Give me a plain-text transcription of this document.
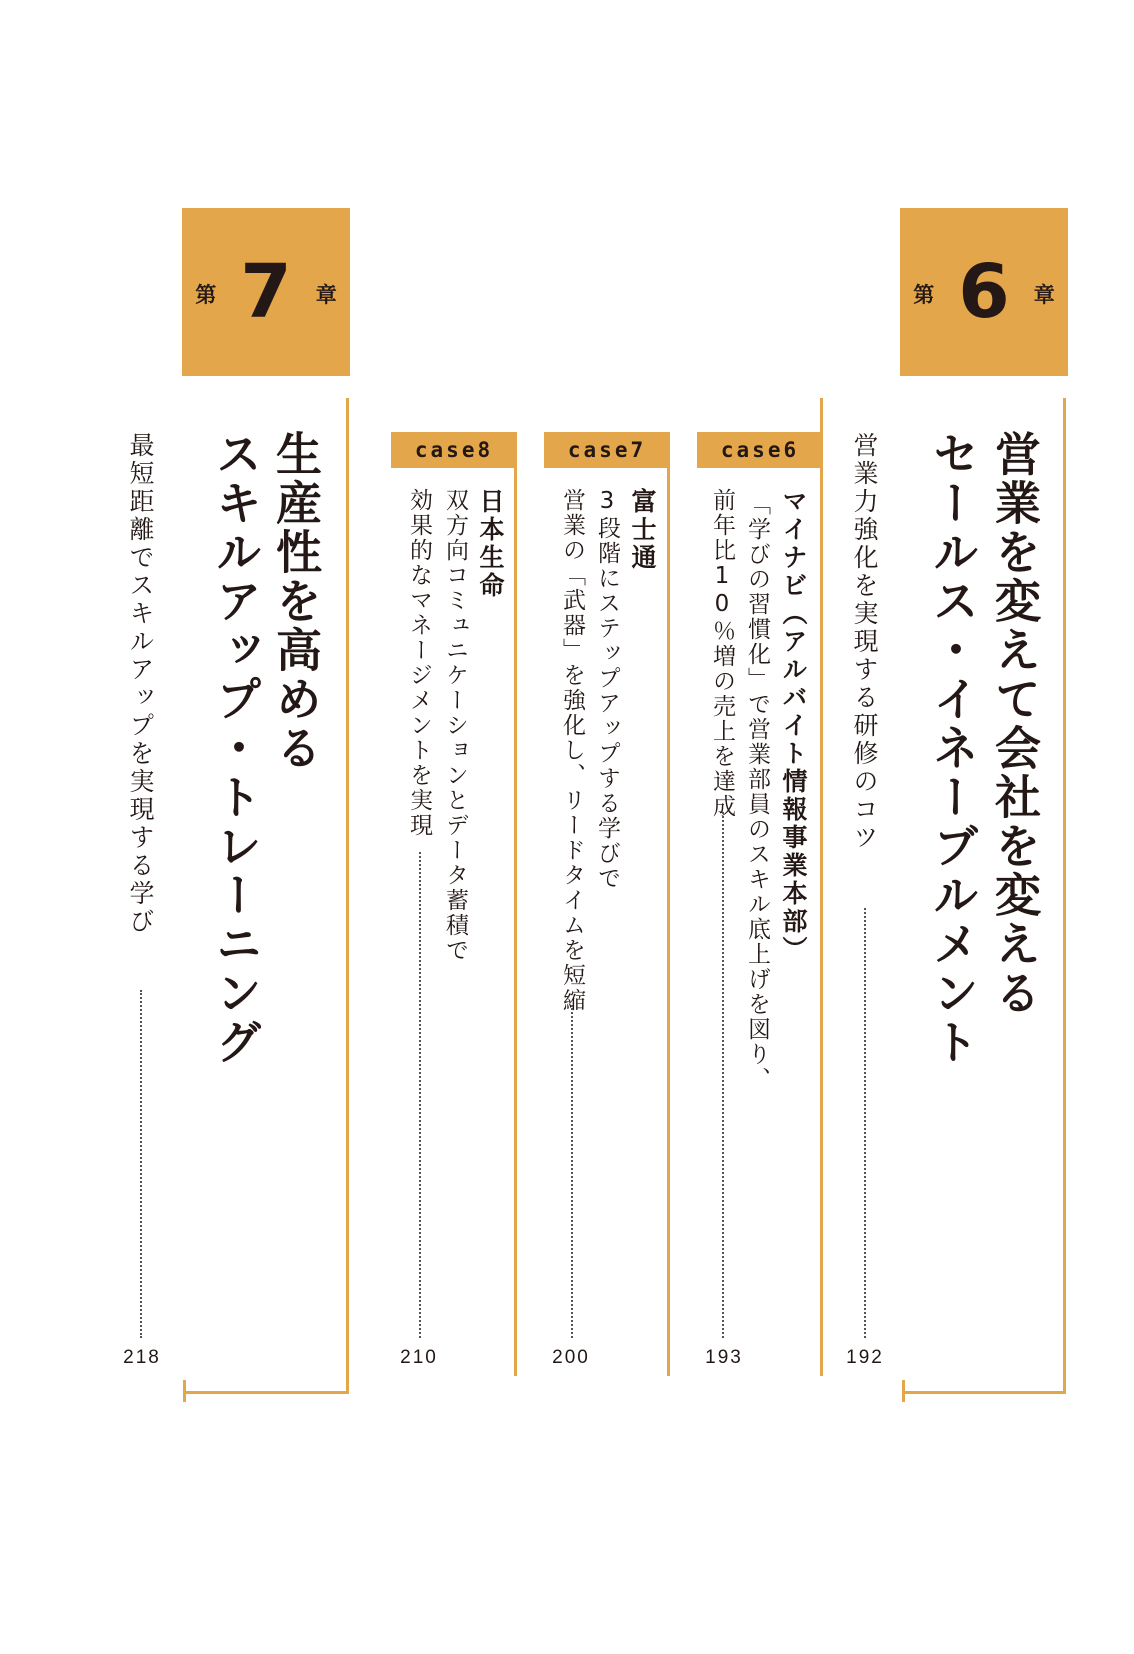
第 6 章
営業を変えて会社を変える
セールス・イネーブルメント
営業力強化を実現する研修のコツ
192
case6
マイナビ（アルバイト情報事業本部）
「学びの習慣化」で営業部員のスキル底上げを図り、
前年比10％増の売上を達成
193
case7
富士通
3段階にステップアップする学びで
営業の「武器」を強化し、リードタイムを短縮
200
case8
日本生命
双方向コミュニケーションとデータ蓄積で
効果的なマネージメントを実現
210
第 7 章
生産性を高める
スキルアップ・トレーニング
最短距離でスキルアップを実現する学び
218
